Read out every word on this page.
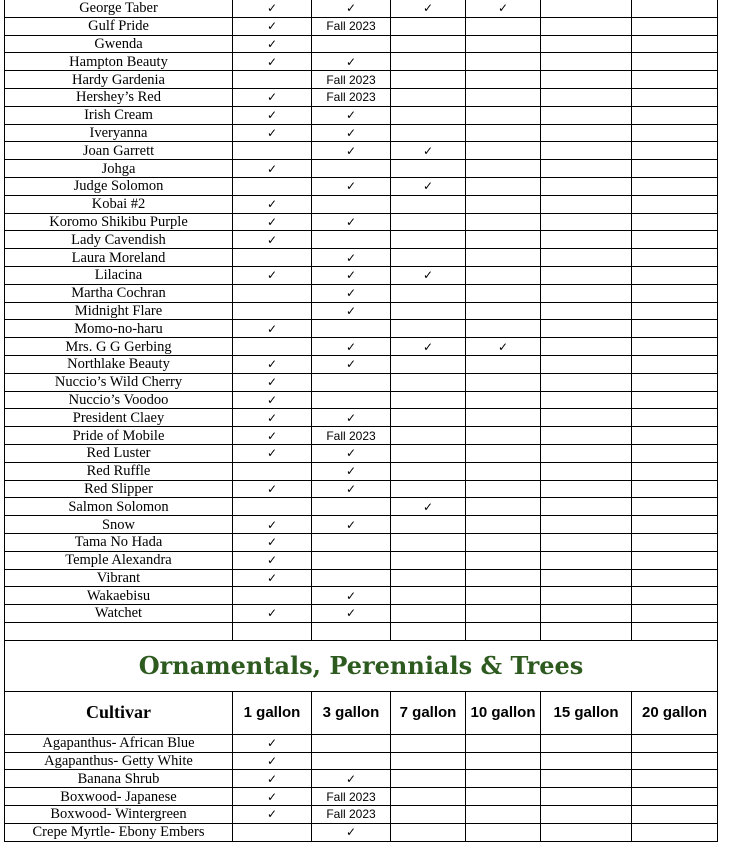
George Taber	✓	✓	✓	✓		
Gulf Pride	✓	Fall 2023				
Gwenda	✓					
Hampton Beauty	✓	✓				
Hardy Gardenia		Fall 2023				
Hershey’s Red	✓	Fall 2023				
Irish Cream	✓	✓				
Iveryanna	✓	✓				
Joan Garrett		✓	✓			
Johga	✓					
Judge Solomon		✓	✓			
Kobai #2	✓					
Koromo Shikibu Purple	✓	✓				
Lady Cavendish	✓					
Laura Moreland		✓				
Lilacina	✓	✓	✓			
Martha Cochran		✓				
Midnight Flare		✓				
Momo-no-haru	✓					
Mrs. G G Gerbing		✓	✓	✓		
Northlake Beauty	✓	✓				
Nuccio’s Wild Cherry	✓					
Nuccio’s Voodoo	✓					
President Claey	✓	✓				
Pride of Mobile	✓	Fall 2023				
Red Luster	✓	✓				
Red Ruffle		✓				
Red Slipper	✓	✓				
Salmon Solomon			✓			
Snow	✓	✓				
Tama No Hada	✓					
Temple Alexandra	✓					
Vibrant	✓					
Wakaebisu		✓				
Watchet	✓	✓				

Ornamentals, Perennials & Trees						
Cultivar	1 gallon	3 gallon	7 gallon	10 gallon	15 gallon	20 gallon
Agapanthus- African Blue	✓					
Agapanthus- Getty White	✓					
Banana Shrub	✓	✓				
Boxwood- Japanese	✓	Fall 2023				
Boxwood- Wintergreen	✓	Fall 2023				
Crepe Myrtle- Ebony Embers		✓				
